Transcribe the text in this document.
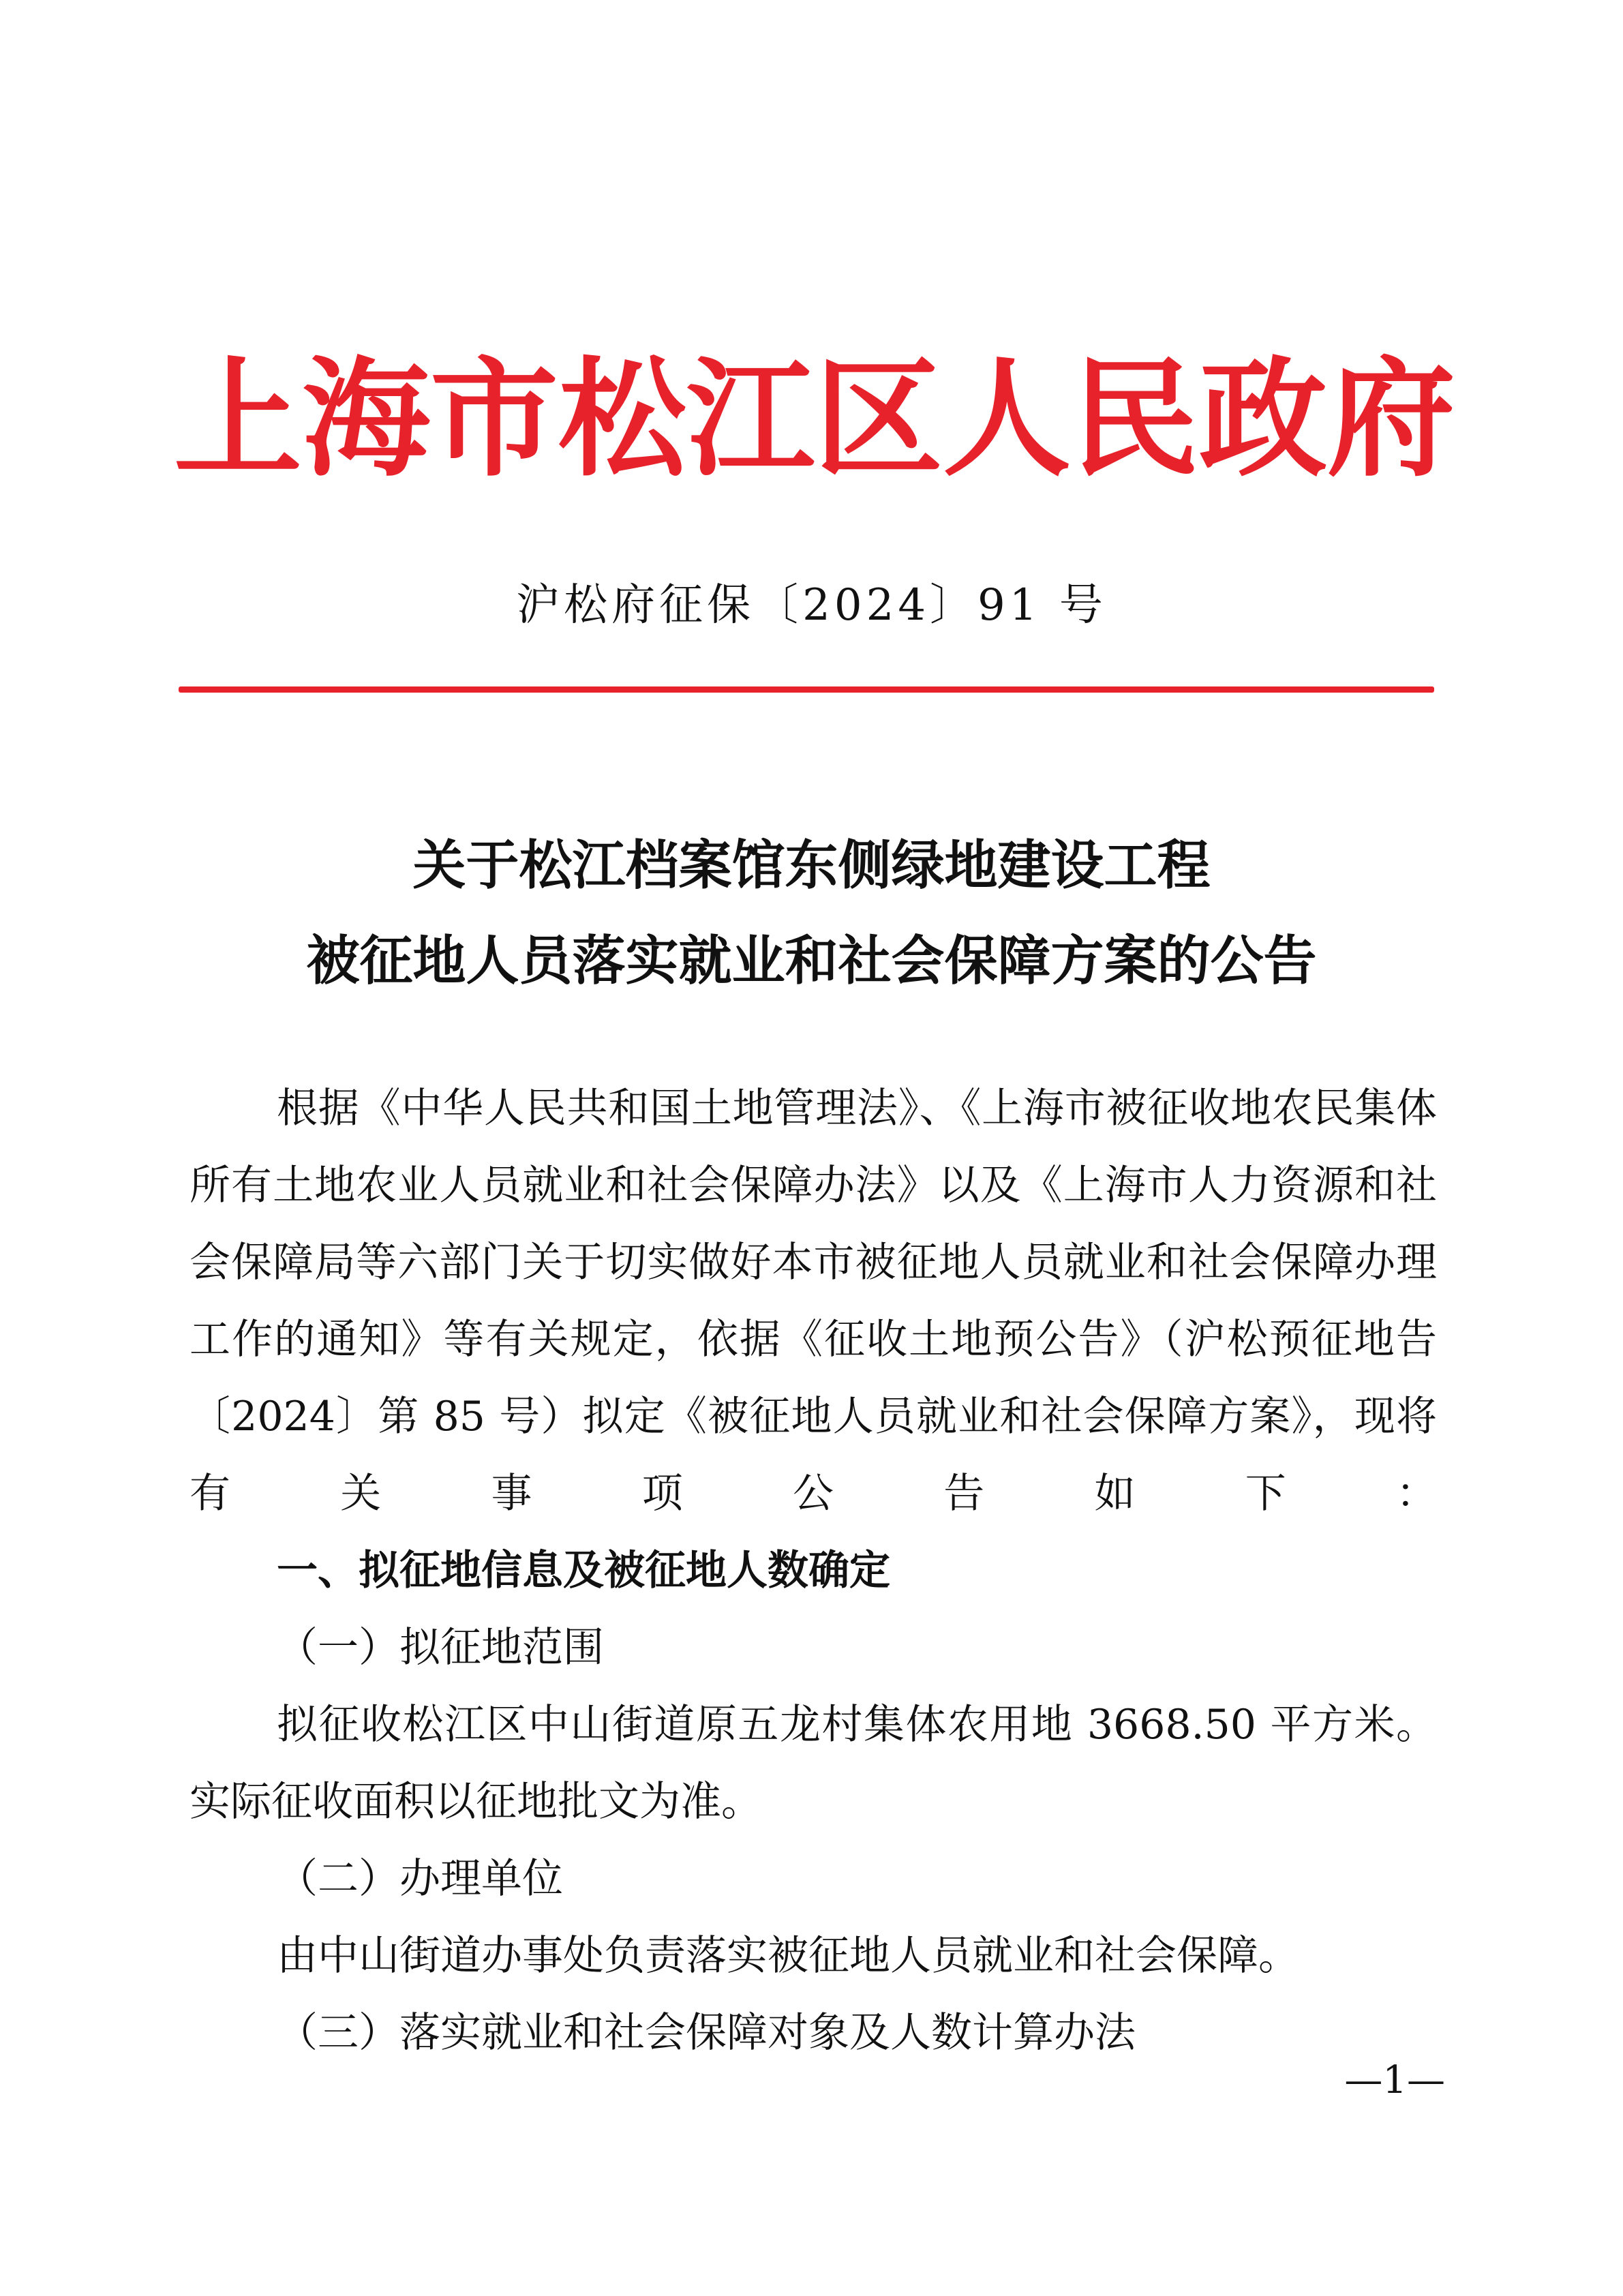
上 海 市 松 江 区 人 民 政 府
沪松府征保〔2024〕91 号
关于松江档案馆东侧绿地建设工程
被征地人员落实就业和社会保障方案的公告

根据《中华人民共和国土地管理法》、《上海市被征收地农民集体所有土地农业人员就业和社会保障办法》以及《上海市人力资源和社会保障局等六部门关于切实做好本市被征地人员就业和社会保障办理工作的通知》等有关规定，依据《征收土地预公告》（沪松预征地告〔2024〕第 85 号）拟定《被征地人员就业和社会保障方案》，现将有关事项公告如下：

一、拟征地信息及被征地人数确定

（一）拟征地范围

拟征收松江区中山街道原五龙村集体农用地 3668.50 平方米。实际征收面积以征地批文为准。

（二）办理单位

由中山街道办事处负责落实被征地人员就业和社会保障。

（三）落实就业和社会保障对象及人数计算办法

—1—
